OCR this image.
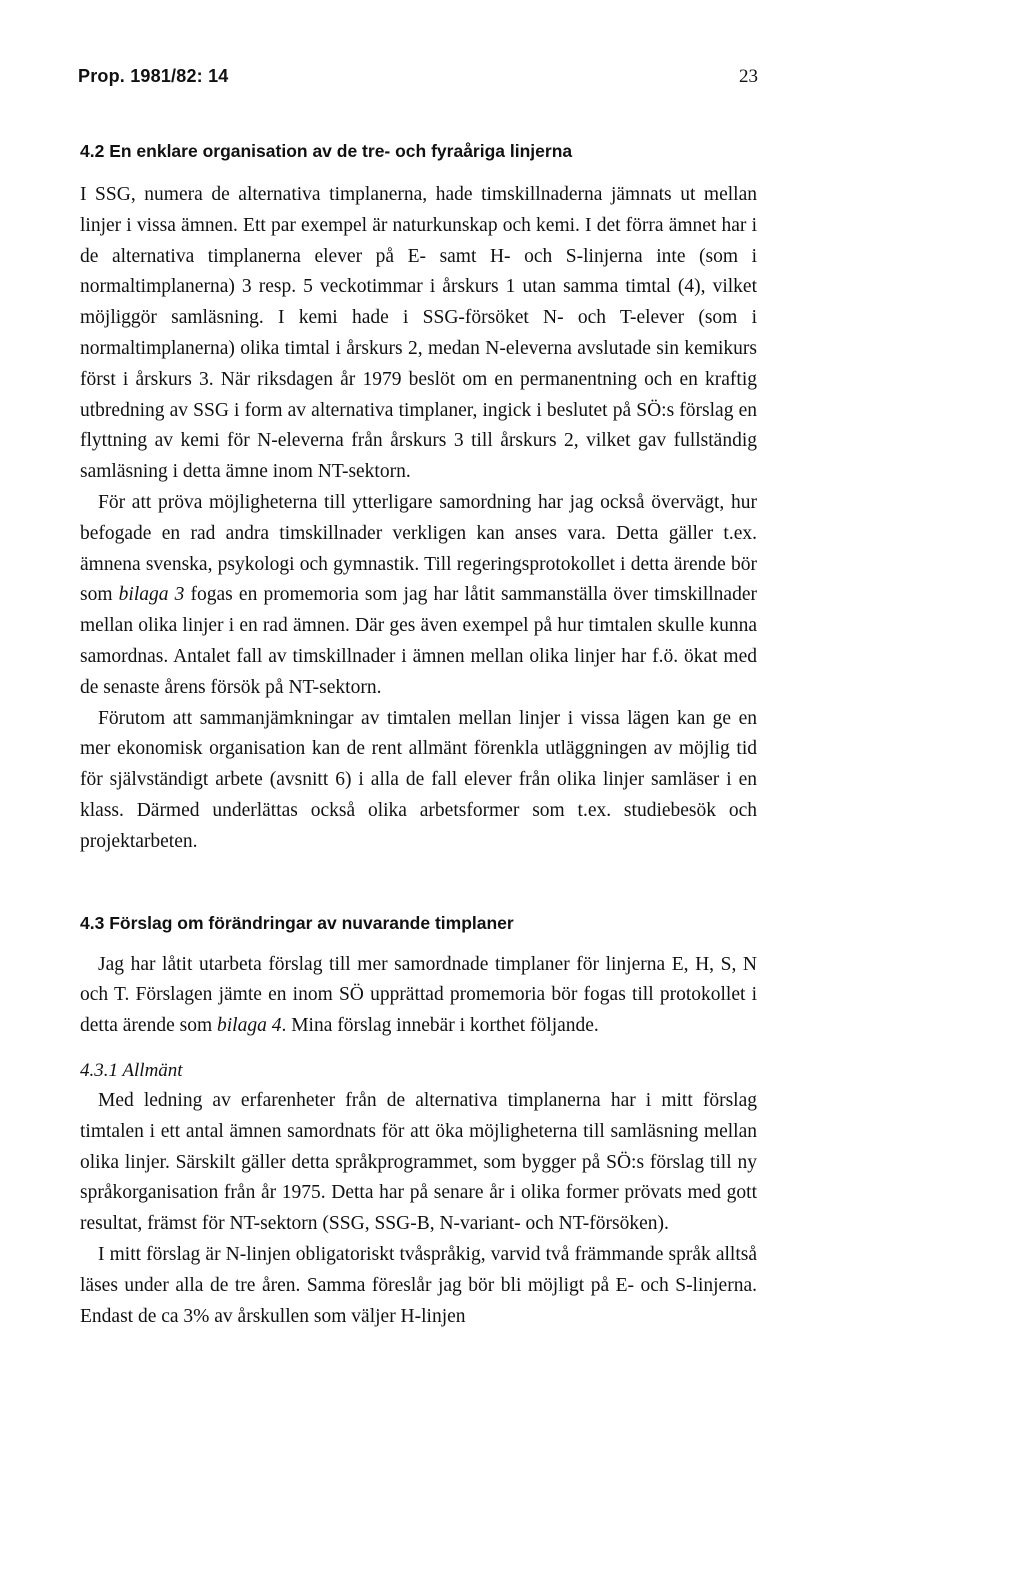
Prop. 1981/82: 14	23
4.2 En enklare organisation av de tre- och fyraåriga linjerna

I SSG, numera de alternativa timplanerna, hade timskillnaderna jämnats ut mellan linjer i vissa ämnen. Ett par exempel är naturkunskap och kemi. I det förra ämnet har i de alternativa timplanerna elever på E- samt H- och S-linjerna inte (som i normaltimplanerna) 3 resp. 5 veckotimmar i årskurs 1 utan samma timtal (4), vilket möjliggör samläsning. I kemi hade i SSG-försöket N- och T-elever (som i normaltimplanerna) olika timtal i årskurs 2, medan N-eleverna avslutade sin kemikurs först i årskurs 3. När riksdagen år 1979 beslöt om en permanentning och en kraftig utbredning av SSG i form av alternativa timplaner, ingick i beslutet på SÖ:s förslag en flyttning av kemi för N-eleverna från årskurs 3 till årskurs 2, vilket gav fullständig samläsning i detta ämne inom NT-sektorn.

För att pröva möjligheterna till ytterligare samordning har jag också övervägt, hur befogade en rad andra timskillnader verkligen kan anses vara. Detta gäller t.ex. ämnena svenska, psykologi och gymnastik. Till regeringsprotokollet i detta ärende bör som bilaga 3 fogas en promemoria som jag har låtit sammanställa över timskillnader mellan olika linjer i en rad ämnen. Där ges även exempel på hur timtalen skulle kunna samordnas. Antalet fall av timskillnader i ämnen mellan olika linjer har f.ö. ökat med de senaste årens försök på NT-sektorn.

Förutom att sammanjämkningar av timtalen mellan linjer i vissa lägen kan ge en mer ekonomisk organisation kan de rent allmänt förenkla utläggningen av möjlig tid för självständigt arbete (avsnitt 6) i alla de fall elever från olika linjer samläser i en klass. Därmed underlättas också olika arbetsformer som t.ex. studiebesök och projektarbeten.

4.3 Förslag om förändringar av nuvarande timplaner

Jag har låtit utarbeta förslag till mer samordnade timplaner för linjerna E, H, S, N och T. Förslagen jämte en inom SÖ upprättad promemoria bör fogas till protokollet i detta ärende som bilaga 4. Mina förslag innebär i korthet följande.

4.3.1 Allmänt

Med ledning av erfarenheter från de alternativa timplanerna har i mitt förslag timtalen i ett antal ämnen samordnats för att öka möjligheterna till samläsning mellan olika linjer. Särskilt gäller detta språkprogrammet, som bygger på SÖ:s förslag till ny språkorganisation från år 1975. Detta har på senare år i olika former prövats med gott resultat, främst för NT-sektorn (SSG, SSG-B, N-variant- och NT-försöken).

I mitt förslag är N-linjen obligatoriskt tvåspråkig, varvid två främmande språk alltså läses under alla de tre åren. Samma föreslår jag bör bli möjligt på E- och S-linjerna. Endast de ca 3% av årskullen som väljer H-linjen
